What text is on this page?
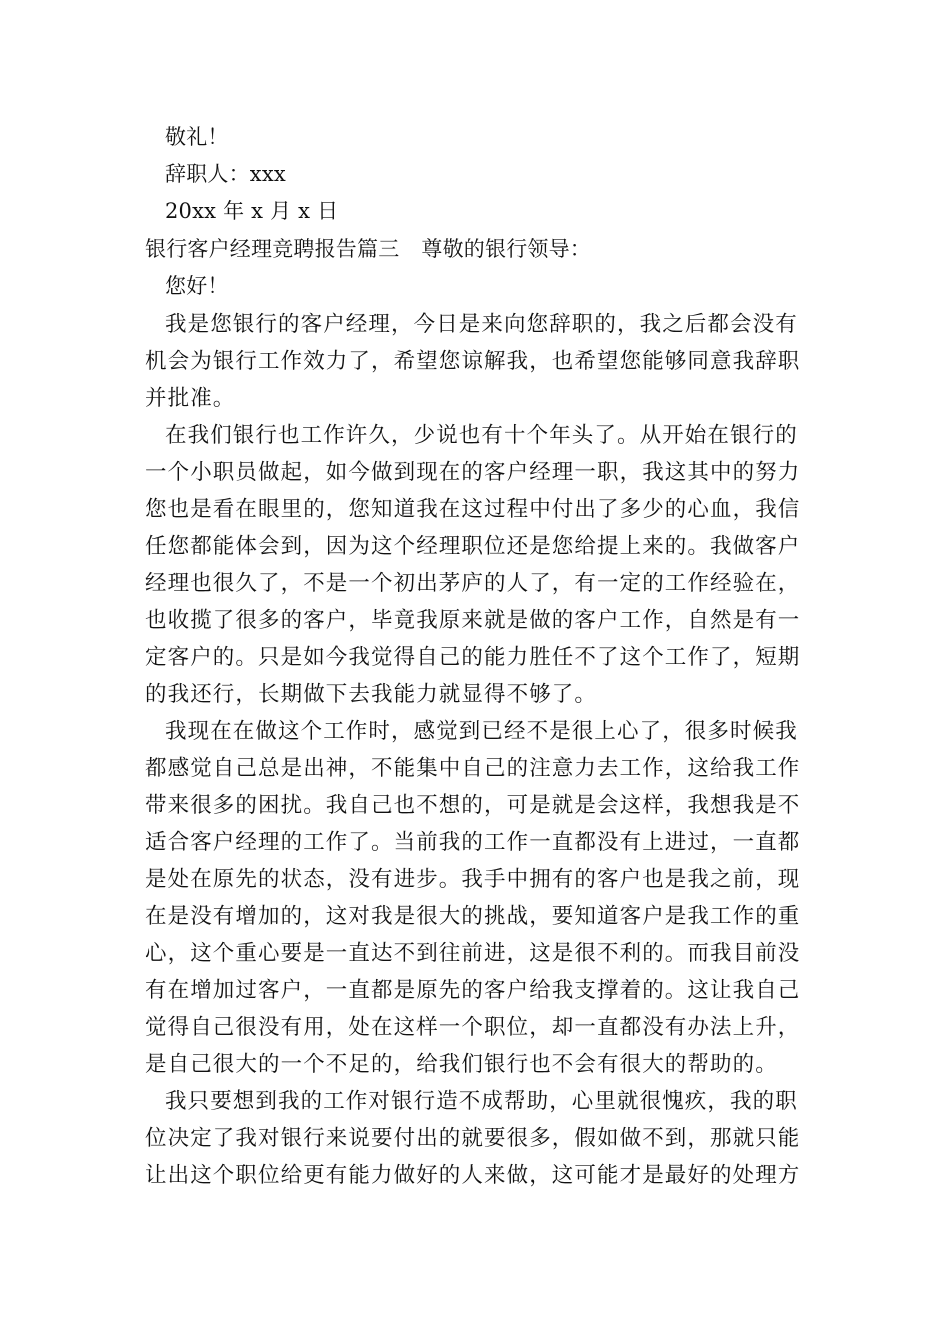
敬礼！
辞职人：xxx
20xx 年 x 月 x 日
银行客户经理竞聘报告篇三 尊敬的银行领导：
您好！
我是您银行的客户经理，今日是来向您辞职的，我之后都会没有
机会为银行工作效力了，希望您谅解我，也希望您能够同意我辞职
并批准。
在我们银行也工作许久，少说也有十个年头了。从开始在银行的
一个小职员做起，如今做到现在的客户经理一职，我这其中的努力
您也是看在眼里的，您知道我在这过程中付出了多少的心血，我信
任您都能体会到，因为这个经理职位还是您给提上来的。我做客户
经理也很久了，不是一个初出茅庐的人了，有一定的工作经验在，
也收揽了很多的客户，毕竟我原来就是做的客户工作，自然是有一
定客户的。只是如今我觉得自己的能力胜任不了这个工作了，短期
的我还行，长期做下去我能力就显得不够了。
我现在在做这个工作时，感觉到已经不是很上心了，很多时候我
都感觉自己总是出神，不能集中自己的注意力去工作，这给我工作
带来很多的困扰。我自己也不想的，可是就是会这样，我想我是不
适合客户经理的工作了。当前我的工作一直都没有上进过，一直都
是处在原先的状态，没有进步。我手中拥有的客户也是我之前，现
在是没有增加的，这对我是很大的挑战，要知道客户是我工作的重
心，这个重心要是一直达不到往前进，这是很不利的。而我目前没
有在增加过客户，一直都是原先的客户给我支撑着的。这让我自己
觉得自己很没有用，处在这样一个职位，却一直都没有办法上升，
是自己很大的一个不足的，给我们银行也不会有很大的帮助的。
我只要想到我的工作对银行造不成帮助，心里就很愧疚，我的职
位决定了我对银行来说要付出的就要很多，假如做不到，那就只能
让出这个职位给更有能力做好的人来做，这可能才是最好的处理方
